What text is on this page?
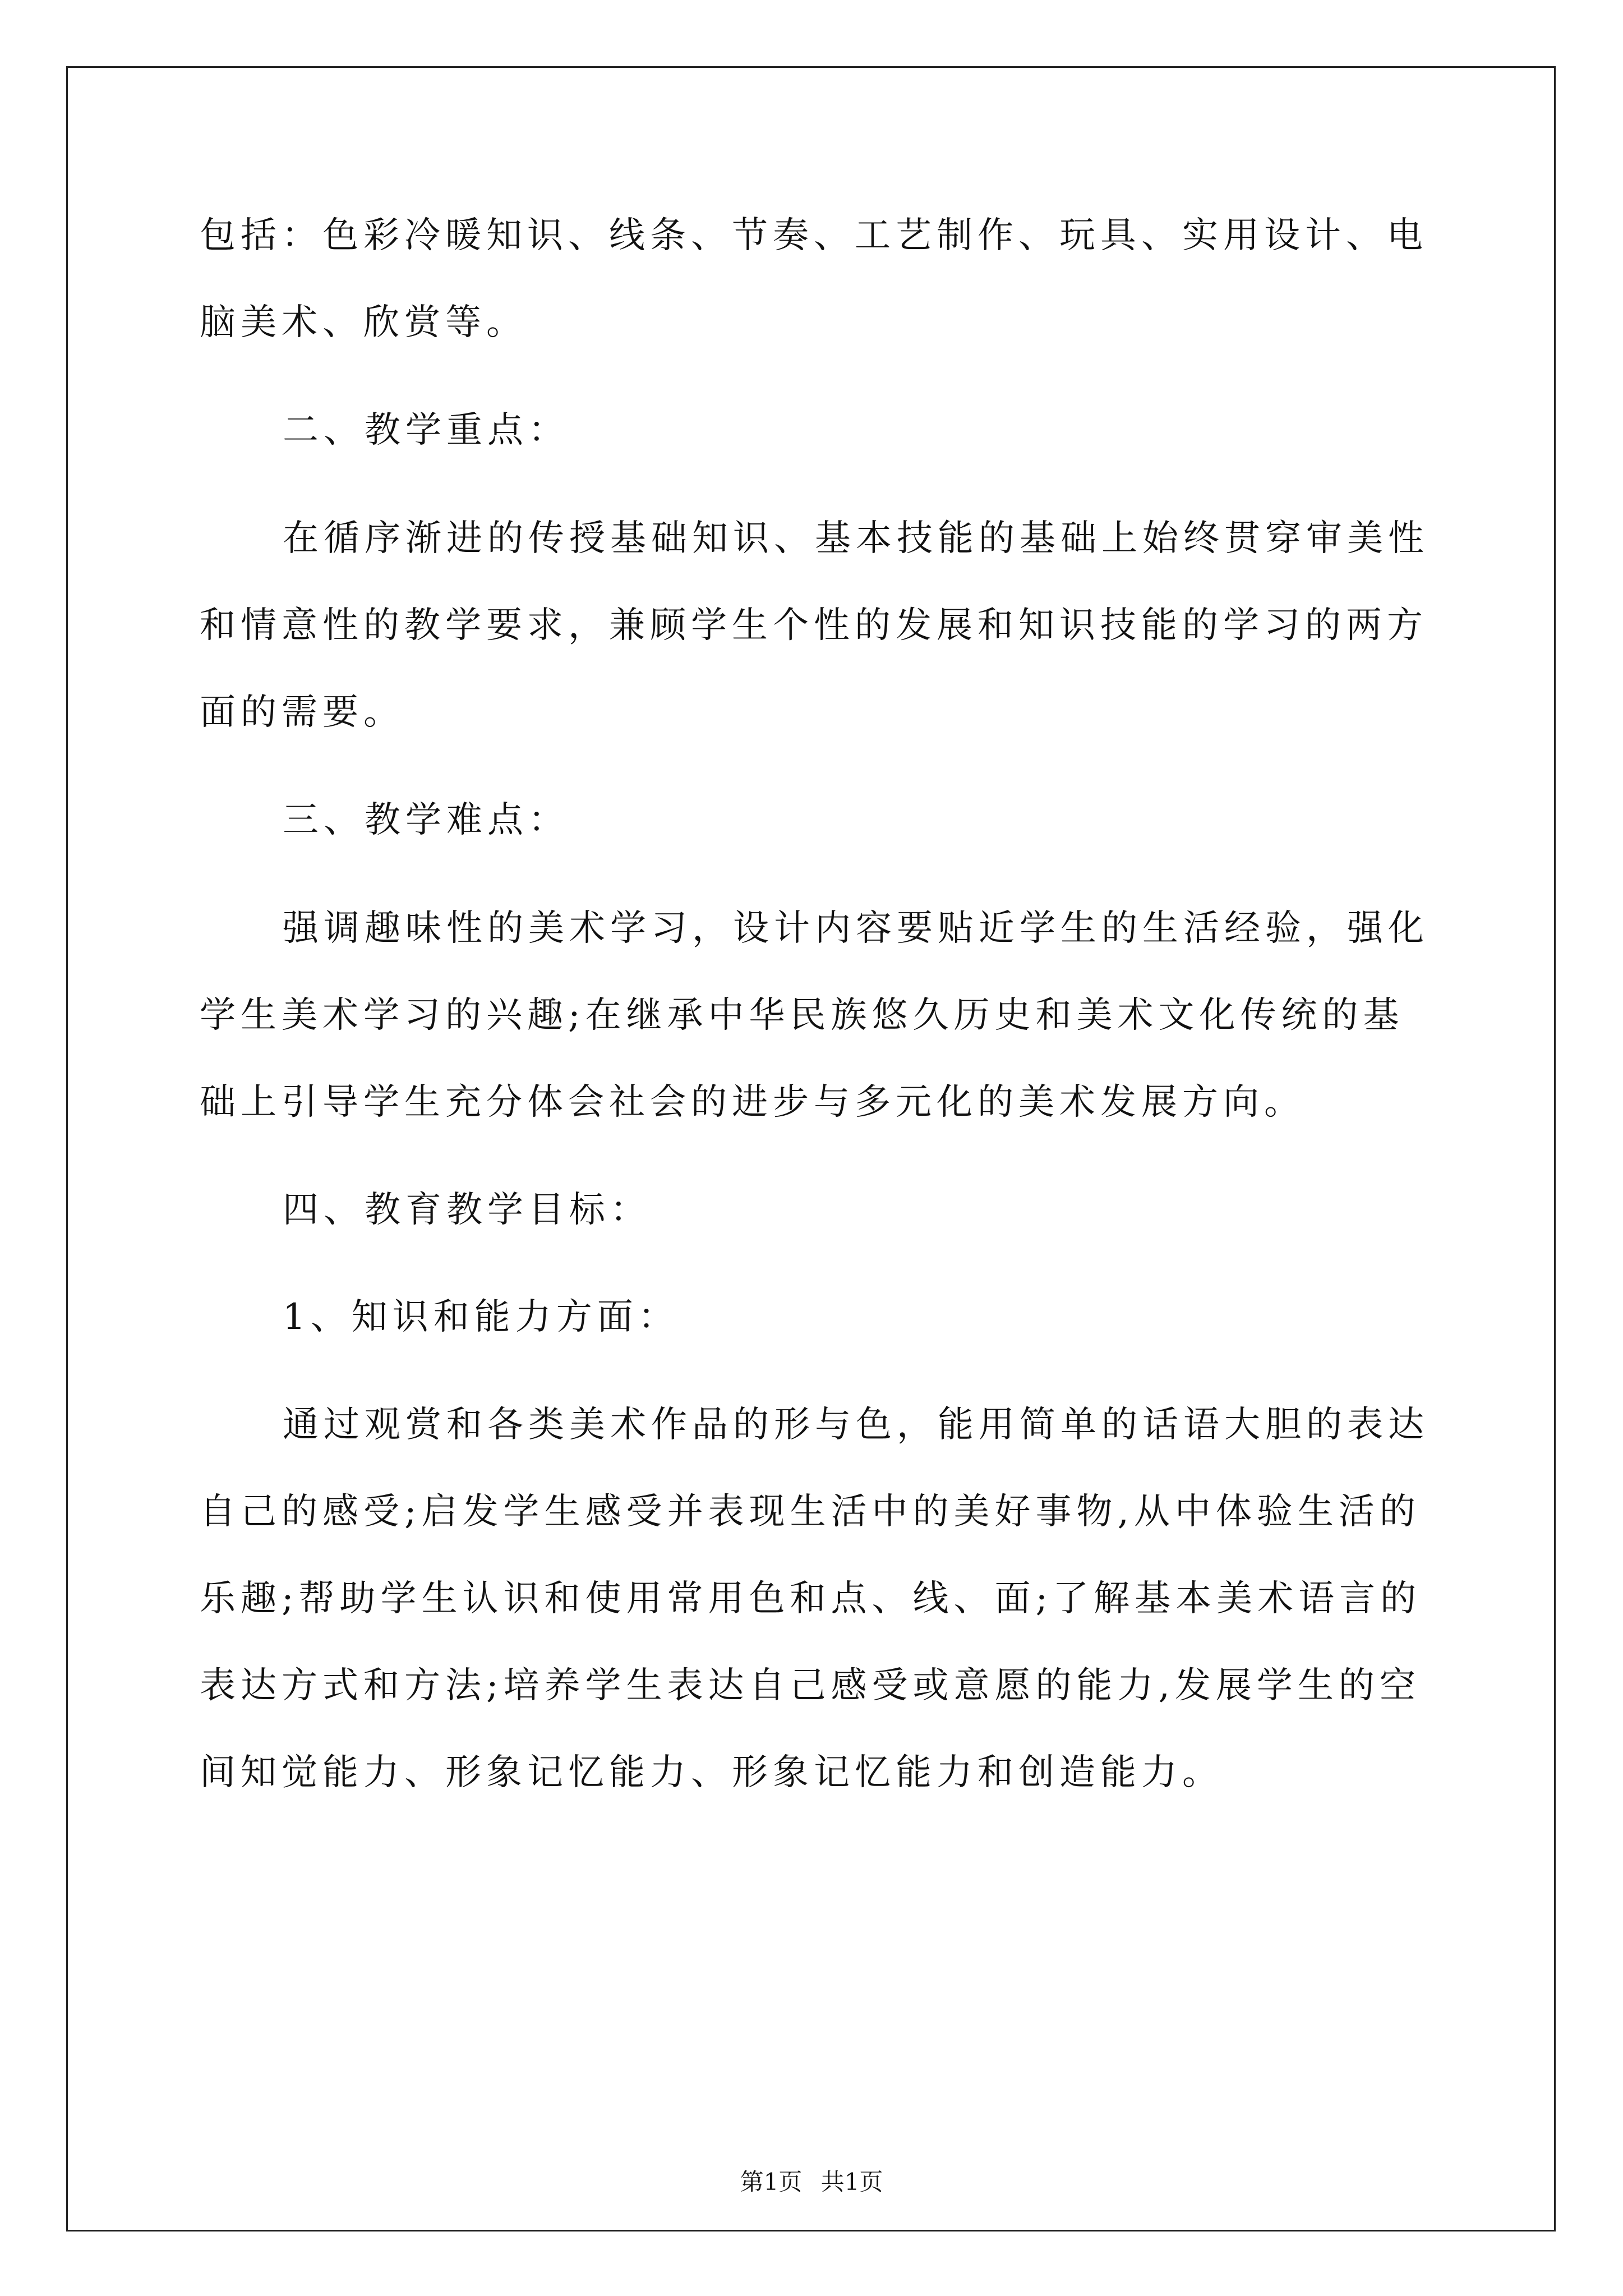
包括：色彩冷暖知识、线条、节奏、工艺制作、玩具、实用设计、电
脑美术、欣赏等。
二、教学重点：
在循序渐进的传授基础知识、基本技能的基础上始终贯穿审美性
和情意性的教学要求，兼顾学生个性的发展和知识技能的学习的两方
面的需要。
三、教学难点：
强调趣味性的美术学习，设计内容要贴近学生的生活经验，强化
学生美术学习的兴趣;在继承中华民族悠久历史和美术文化传统的基
础上引导学生充分体会社会的进步与多元化的美术发展方向。
四、教育教学目标：
1、知识和能力方面：
通过观赏和各类美术作品的形与色，能用简单的话语大胆的表达
自己的感受;启发学生感受并表现生活中的美好事物,从中体验生活的
乐趣;帮助学生认识和使用常用色和点、线、面;了解基本美术语言的
表达方式和方法;培养学生表达自己感受或意愿的能力,发展学生的空
间知觉能力、形象记忆能力、形象记忆能力和创造能力。
第1页 共1页
